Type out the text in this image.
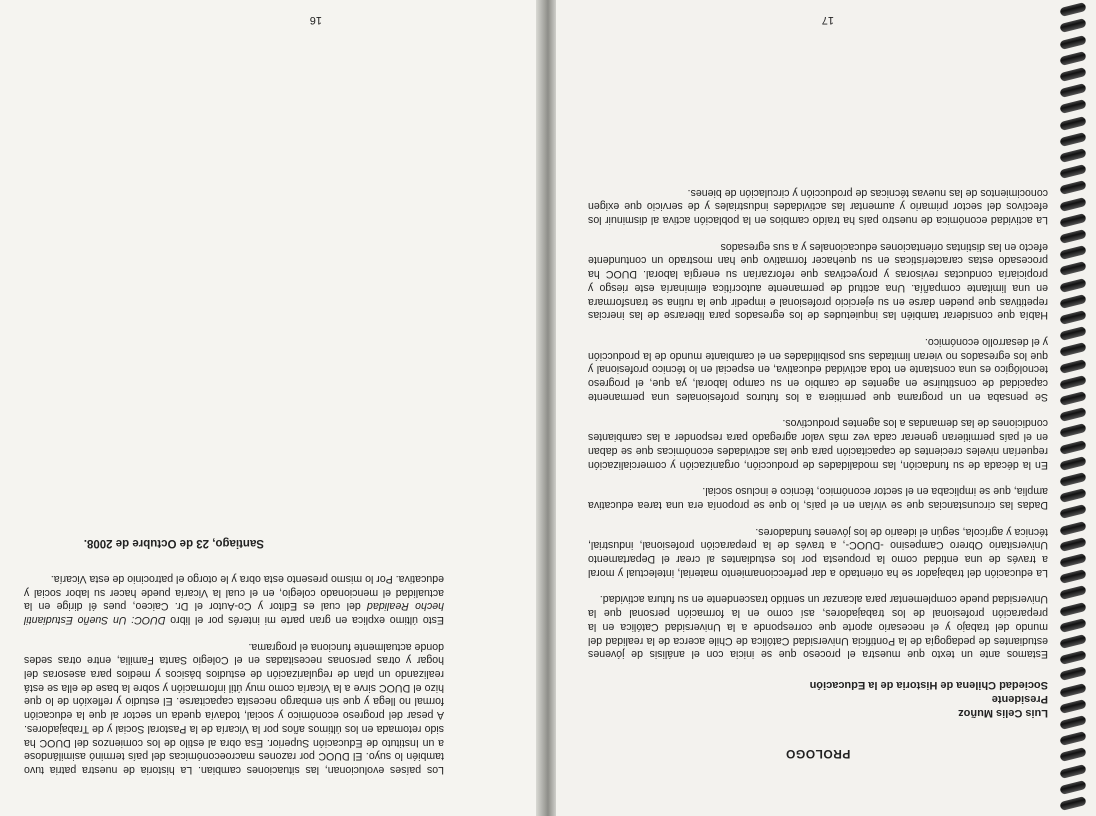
PROLOGO
Luis Celis Muñoz
Presidente
Sociedad Chilena de Historia de la Educación

Estamos ante un texto que muestra el proceso que se inicia con el análisis de jóvenes estudiantes de pedagogía de la Pontificia Universidad Católica de Chile acerca de la realidad del mundo del trabajo y el necesario aporte que corresponde a la Universidad Católica en la preparación profesional de los trabajadores, así como en la formación personal que la Universidad puede complementar para alcanzar un sentido trascendente en su futura actividad.

La educación del trabajador se ha orientado a dar perfeccionamiento material, intelectual y moral a través de una entidad como la propuesta por los estudiantes al crear el Departamento Universitario Obrero Campesino -DUOC-, a través de la preparación profesional, industrial, técnica y agrícola, según el ideario de los jóvenes fundadores.

Dadas las circunstancias que se vivían en el país, lo que se proponía era una tarea educativa amplia, que se implicaba en el sector económico, técnico e incluso social.

En la década de su fundación, las modalidades de producción, organización y comercialización requerían niveles crecientes de capacitación para que las actividades económicas que se daban en el país permitieran generar cada vez más valor agregado para responder a las cambiantes condiciones de las demandas a los agentes productivos.

Se pensaba en un programa que permitiera a los futuros profesionales una permanente capacidad de constituirse en agentes de cambio en su campo laboral, ya que, el progreso tecnológico es una constante en toda actividad educativa, en especial en lo técnico profesional y que los egresados no vieran limitadas sus posibilidades en el cambiante mundo de la producción y el desarrollo económico.

Había que considerar también las inquietudes de los egresados para liberarse de las inercias repetitivas que pueden darse en su ejercicio profesional e impedir que la rutina se transformara en una limitante compañía. Una actitud de permanente autocrítica eliminaría este riesgo y propiciaría conductas revisoras y proyectivas que reforzarían su energía laboral. DUOC ha procesado estas características en su quehacer formativo que han mostrado un contundente efecto en las distintas orientaciones educacionales y a sus egresados

La actividad económica de nuestro país ha traído cambios en la población activa al disminuir los efectivos del sector primario y aumentar las actividades industriales y de servicio que exigen conocimientos de las nuevas técnicas de producción y circulación de bienes.

17

Los países evolucionan, las situaciones cambian. La historia de nuestra patria tuvo también lo suyo. El DUOC por razones macroeconómicas del país terminó asimilándose a un Instituto de Educación Superior. Esa obra al estilo de los comienzos del DUOC ha sido retomada en los últimos años por la Vicaría de la Pastoral Social y de Trabajadores. A pesar del progreso económico y social, todavía queda un sector al que la educación formal no llega y que sin embargo necesita capacitarse. El estudio y reflexión de lo que hizo el DUOC sirve a la Vicaría como muy útil información y sobre la base de ella se está realizando un plan de regularización de estudios básicos y medios para asesoras del hogar y otras personas necesitadas en el Colegio Santa Familia, entre otras sedes donde actualmente funciona el programa.

Esto último explica en gran parte mi interés por el libro DUOC: Un Sueño Estudiantil hecho Realidad del cual es Editor y Co-Autor el Dr. Caiceo, pues él dirige en la actualidad el mencionado colegio, en el cual la Vicaría puede hacer su labor social y educativa. Por lo mismo presento esta obra y le otorgo el patrocinio de esta Vicaría.

Santiago, 23 de Octubre de 2008.
16
